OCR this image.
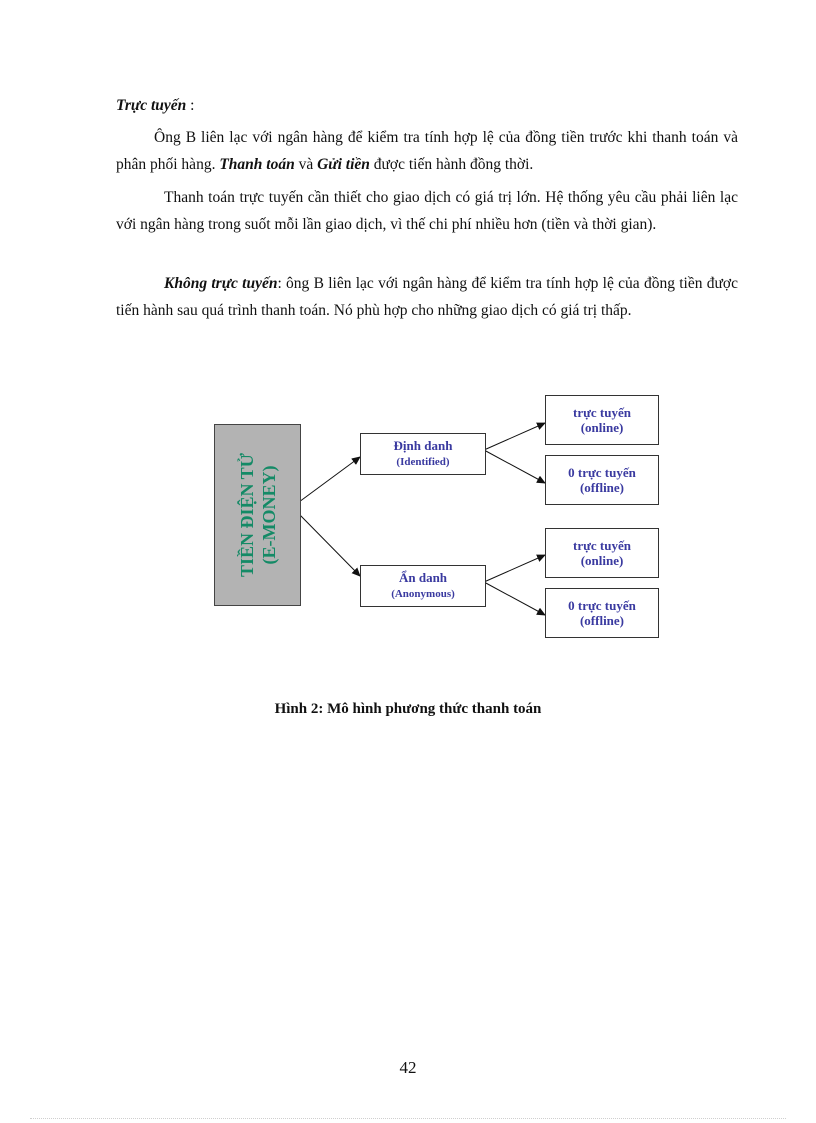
Trực tuyến :
Ông B liên lạc với ngân hàng để kiểm tra tính hợp lệ của đồng tiền trước khi thanh toán và phân phối hàng. Thanh toán và Gửi tiền được tiến hành đồng thời.
Thanh toán trực tuyến cần thiết cho giao dịch có giá trị lớn. Hệ thống yêu cầu phải liên lạc với ngân hàng trong suốt mỗi lần giao dịch, vì thế chi phí nhiều hơn (tiền và thời gian).
Không trực tuyến: ông B liên lạc với ngân hàng để kiểm tra tính hợp lệ của đồng tiền được tiến hành sau quá trình thanh toán. Nó phù hợp cho những giao dịch có giá trị thấp.
TIỀN ĐIỆN TỬ (E-MONEY)
Định danh
(Identified)
Ẩn danh
(Anonymous)
trực tuyến
(online)
0 trực tuyến
(offline)
trực tuyến
(online)
0 trực tuyến
(offline)
Hình 2: Mô hình phương thức thanh toán
42
